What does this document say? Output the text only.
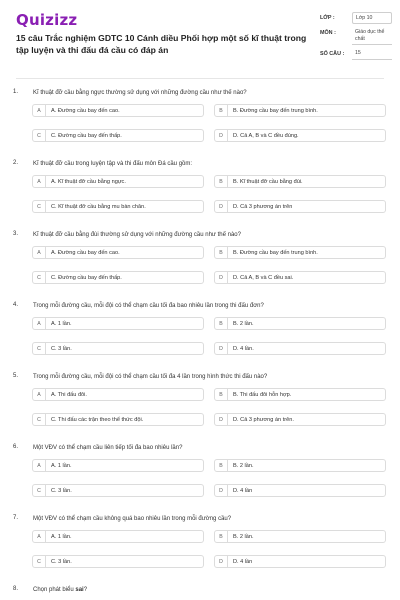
Quizizz
15 câu Trắc nghiệm GDTC 10 Cánh diều Phối hợp một số kĩ thuật trong tập luyện và thi đấu đá cầu có đáp án
LỚP :	Lớp 10
MÔN :	Giáo dục thể chất
SỐ CÂU :	15
1. Kĩ thuật đỡ cầu bằng ngực thường sử dụng với những đường cầu như thế nào?
A	A. Đường cầu bay đến cao.	B	B. Đường cầu bay đến trung bình.
C	C. Đường cầu bay đến thấp.	D	D. Cả A, B và C đều đúng.
2. Kĩ thuật đỡ cầu trong luyện tập và thi đấu môn Đá cầu gồm:
A	A. Kĩ thuật đỡ cầu bằng ngực.	B	B. Kĩ thuật đỡ cầu bằng đùi.
C	C. Kĩ thuật đỡ cầu bằng mu bàn chân.	D	D. Cả 3 phương án trên
3. Kĩ thuật đỡ cầu bằng đùi thường sử dụng với những đường cầu như thế nào?
A	A. Đường cầu bay đến cao.	B	B. Đường cầu bay đến trung bình.
C	C. Đường cầu bay đến thấp.	D	D. Cả A, B và C đều sai.
4. Trong mỗi đường cầu, mỗi đội có thể chạm cầu tối đa bao nhiêu lần trong thi đấu đơn?
A	A. 1 lần.	B	B. 2 lần.
C	C. 3 lần.	D	D. 4 lần.
5. Trong mỗi đường cầu, mỗi đội có thể chạm cầu tối đa 4 lần trong hình thức thi đấu nào?
A	A. Thi đấu đôi.	B	B. Thi đấu đôi hỗn hợp.
C	C. Thi đấu các trận theo thể thức đội.	D	D. Cả 3 phương án trên.
6. Một VĐV có thể chạm cầu liên tiếp tối đa bao nhiêu lần?
A	A. 1 lần.	B	B. 2 lần.
C	C. 3 lần.	D	D. 4 lần
7. Một VĐV có thể chạm cầu không quá bao nhiêu lần trong mỗi đường cầu?
A	A. 1 lần.	B	B. 2 lần.
C	C. 3 lần.	D	D. 4 lần
8. Chọn phát biểu sai?
